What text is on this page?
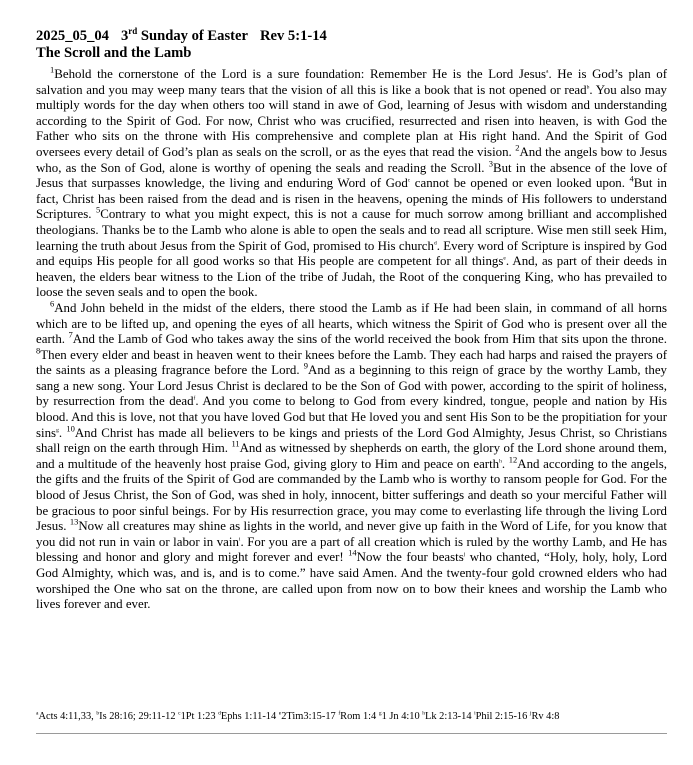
2025_05_04 3rd Sunday of Easter Rev 5:1-14
The Scroll and the Lamb

$^1$Behold the cornerstone of the Lord is a sure foundation: Remember He is the Lord Jesus$^a$. He is God’s plan of salvation and you may weep many tears that the vision of all this is like a book that is not opened or read$^b$. You also may multiply words for the day when others too will stand in awe of God, learning of Jesus with wisdom and understanding according to the Spirit of God. For now, Christ who was crucified, resurrected and risen into heaven, is with God the Father who sits on the throne with His comprehensive and complete plan at His right hand. And the Spirit of God oversees every detail of God’s plan as seals on the scroll, or as the eyes that read the vision. $^2$And the angels bow to Jesus who, as the Son of God, alone is worthy of opening the seals and reading the Scroll. $^3$But in the absence of the love of Jesus that surpasses knowledge, the living and enduring Word of God$^c$ cannot be opened or even looked upon. $^4$But in fact, Christ has been raised from the dead and is risen in the heavens, opening the minds of His followers to understand Scriptures. $^5$Contrary to what you might expect, this is not a cause for much sorrow among brilliant and accomplished theologians. Thanks be to the Lamb who alone is able to open the seals and to read all scripture. Wise men still seek Him, learning the truth about Jesus from the Spirit of God, promised to His church$^d$. Every word of Scripture is inspired by God and equips His people for all good works so that His people are competent for all things$^e$. And, as part of their deeds in heaven, the elders bear witness to the Lion of the tribe of Judah, the Root of the conquering King, who has prevailed to loose the seven seals and to open the book.

$^6$And John beheld in the midst of the elders, there stood the Lamb as if He had been slain, in command of all horns which are to be lifted up, and opening the eyes of all hearts, which witness the Spirit of God who is present over all the earth. $^7$And the Lamb of God who takes away the sins of the world received the book from Him that sits upon the throne. $^8$Then every elder and beast in heaven went to their knees before the Lamb. They each had harps and raised the prayers of the saints as a pleasing fragrance before the Lord. $^9$And as a beginning to this reign of grace by the worthy Lamb, they sang a new song. Your Lord Jesus Christ is declared to be the Son of God with power, according to the spirit of holiness, by resurrection from the dead$^f$. And you come to belong to God from every kindred, tongue, people and nation by His blood. And this is love, not that you have loved God but that He loved you and sent His Son to be the propitiation for your sins$^g$. $^{10}$And Christ has made all believers to be kings and priests of the Lord God Almighty, Jesus Christ, so Christians shall reign on the earth through Him. $^{11}$And as witnessed by shepherds on earth, the glory of the Lord shone around them, and a multitude of the heavenly host praise God, giving glory to Him and peace on earth$^h$. $^{12}$And according to the angels, the gifts and the fruits of the Spirit of God are commanded by the Lamb who is worthy to ransom people for God. For the blood of Jesus Christ, the Son of God, was shed in holy, innocent, bitter sufferings and death so your merciful Father will be gracious to poor sinful beings. For by His resurrection grace, you may come to everlasting life through the living Lord Jesus. $^{13}$Now all creatures may shine as lights in the world, and never give up faith in the Word of Life, for you know that you did not run in vain or labor in vain$^i$. For you are a part of all creation which is ruled by the worthy Lamb, and He has blessing and honor and glory and might forever and ever! $^{14}$Now the four beasts$^j$ who chanted, “Holy, holy, holy, Lord God Almighty, which was, and is, and is to come.” have said Amen. And the twenty-four gold crowned elders who had worshiped the One who sat on the throne, are called upon from now on to bow their knees and worship the Lamb who lives forever and ever.

$^a$Acts 4:11,33, $^b$Is 28:16; 29:11-12 $^c$1Pt 1:23 $^d$Ephs 1:11-14 $^e$2Tim3:15-17 $^f$Rom 1:4 $^g$1 Jn 4:10 $^h$Lk 2:13-14 $^i$Phil 2:15-16 $^j$Rv 4:8
